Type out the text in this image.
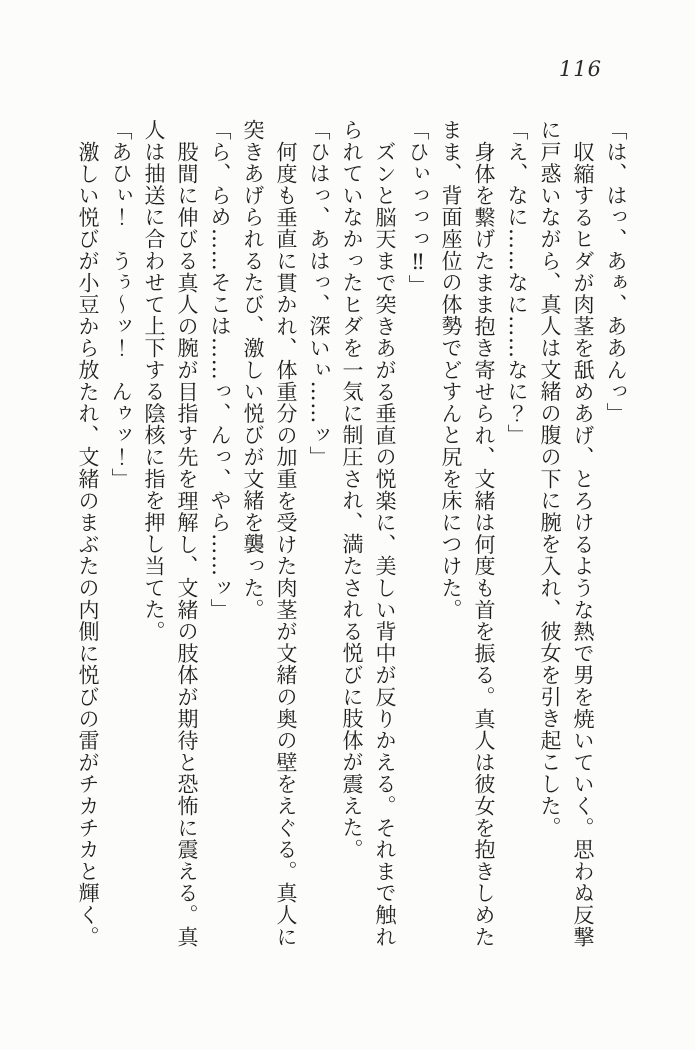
116

「は、はっ、あぁ、ああんっ」

収縮するヒダが肉茎を舐めあげ、とろけるような熱で男を焼いていく。思わぬ反撃

に戸惑いながら、真人は文緒の腹の下に腕を入れ、彼女を引き起こした。

「え、なに……なに……なに？」

身体を繋げたまま抱き寄せられ、文緒は何度も首を振る。真人は彼女を抱きしめた

まま、背面座位の体勢でどすんと尻を床につけた。

「ひぃっっっ‼」

ズンと脳天まで突きあがる垂直の悦楽に、美しい背中が反りかえる。それまで触れ

られていなかったヒダを一気に制圧され、満たされる悦びに肢体が震えた。

「ひはっ、あはっ、深いぃ……ッ」

何度も垂直に貫かれ、体重分の加重を受けた肉茎が文緒の奥の壁をえぐる。真人に

突きあげられるたび、激しい悦びが文緒を襲った。

「ら、らめ……そこは……っ、んっ、やら……ッ」

股間に伸びる真人の腕が目指す先を理解し、文緒の肢体が期待と恐怖に震える。真

人は抽送に合わせて上下する陰核に指を押し当てた。

「あひぃ！　うぅ〜ッ！　んゥッ！」

激しい悦びが小豆から放たれ、文緒のまぶたの内側に悦びの雷がチカチカと輝く。
